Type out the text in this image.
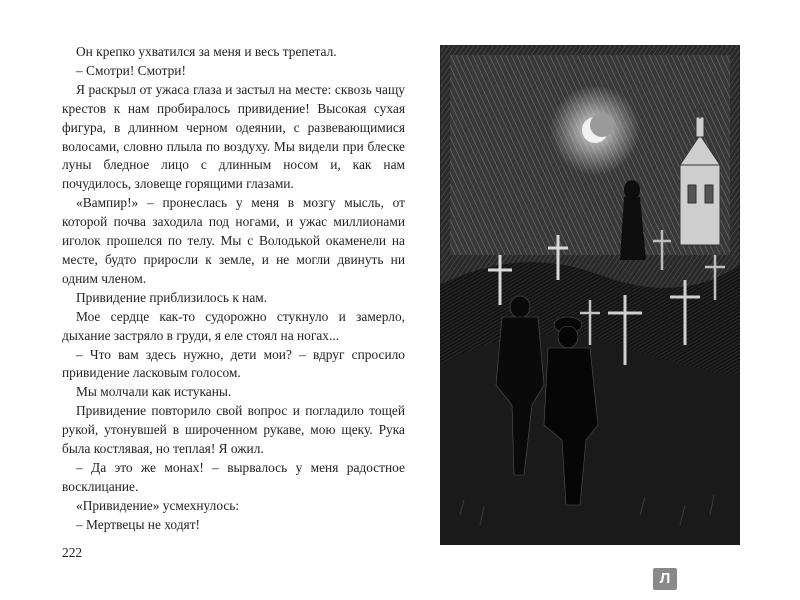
Он крепко ухватился за меня и весь трепетал.

– Смотри! Смотри!

Я раскрыл от ужаса глаза и застыл на месте: сквозь чащу крестов к нам пробиралось привидение! Высокая сухая фигура, в длинном черном одеянии, с развевающимися волосами, словно плыла по воздуху. Мы видели при блеске луны бледное лицо с длинным носом и, как нам почудилось, зловеще горящими глазами.

«Вампир!» – пронеслась у меня в мозгу мысль, от которой почва заходила под ногами, и ужас миллионами иголок прошелся по телу. Мы с Володькой окаменели на месте, будто приросли к земле, и не могли двинуть ни одним членом.

Привидение приблизилось к нам.

Мое сердце как-то судорожно стукнуло и замерло, дыхание застряло в груди, я еле стоял на ногах...

– Что вам здесь нужно, дети мои? – вдруг спросило привидение ласковым голосом.

Мы молчали как истуканы.

Привидение повторило свой вопрос и погладило тощей рукой, утонувшей в широченном рукаве, мою щеку. Рука была костлявая, но теплая! Я ожил.

– Да это же монах! – вырвалось у меня радостное восклицание.

«Привидение» усмехнулось:

– Мертвецы не ходят!

222
Л
